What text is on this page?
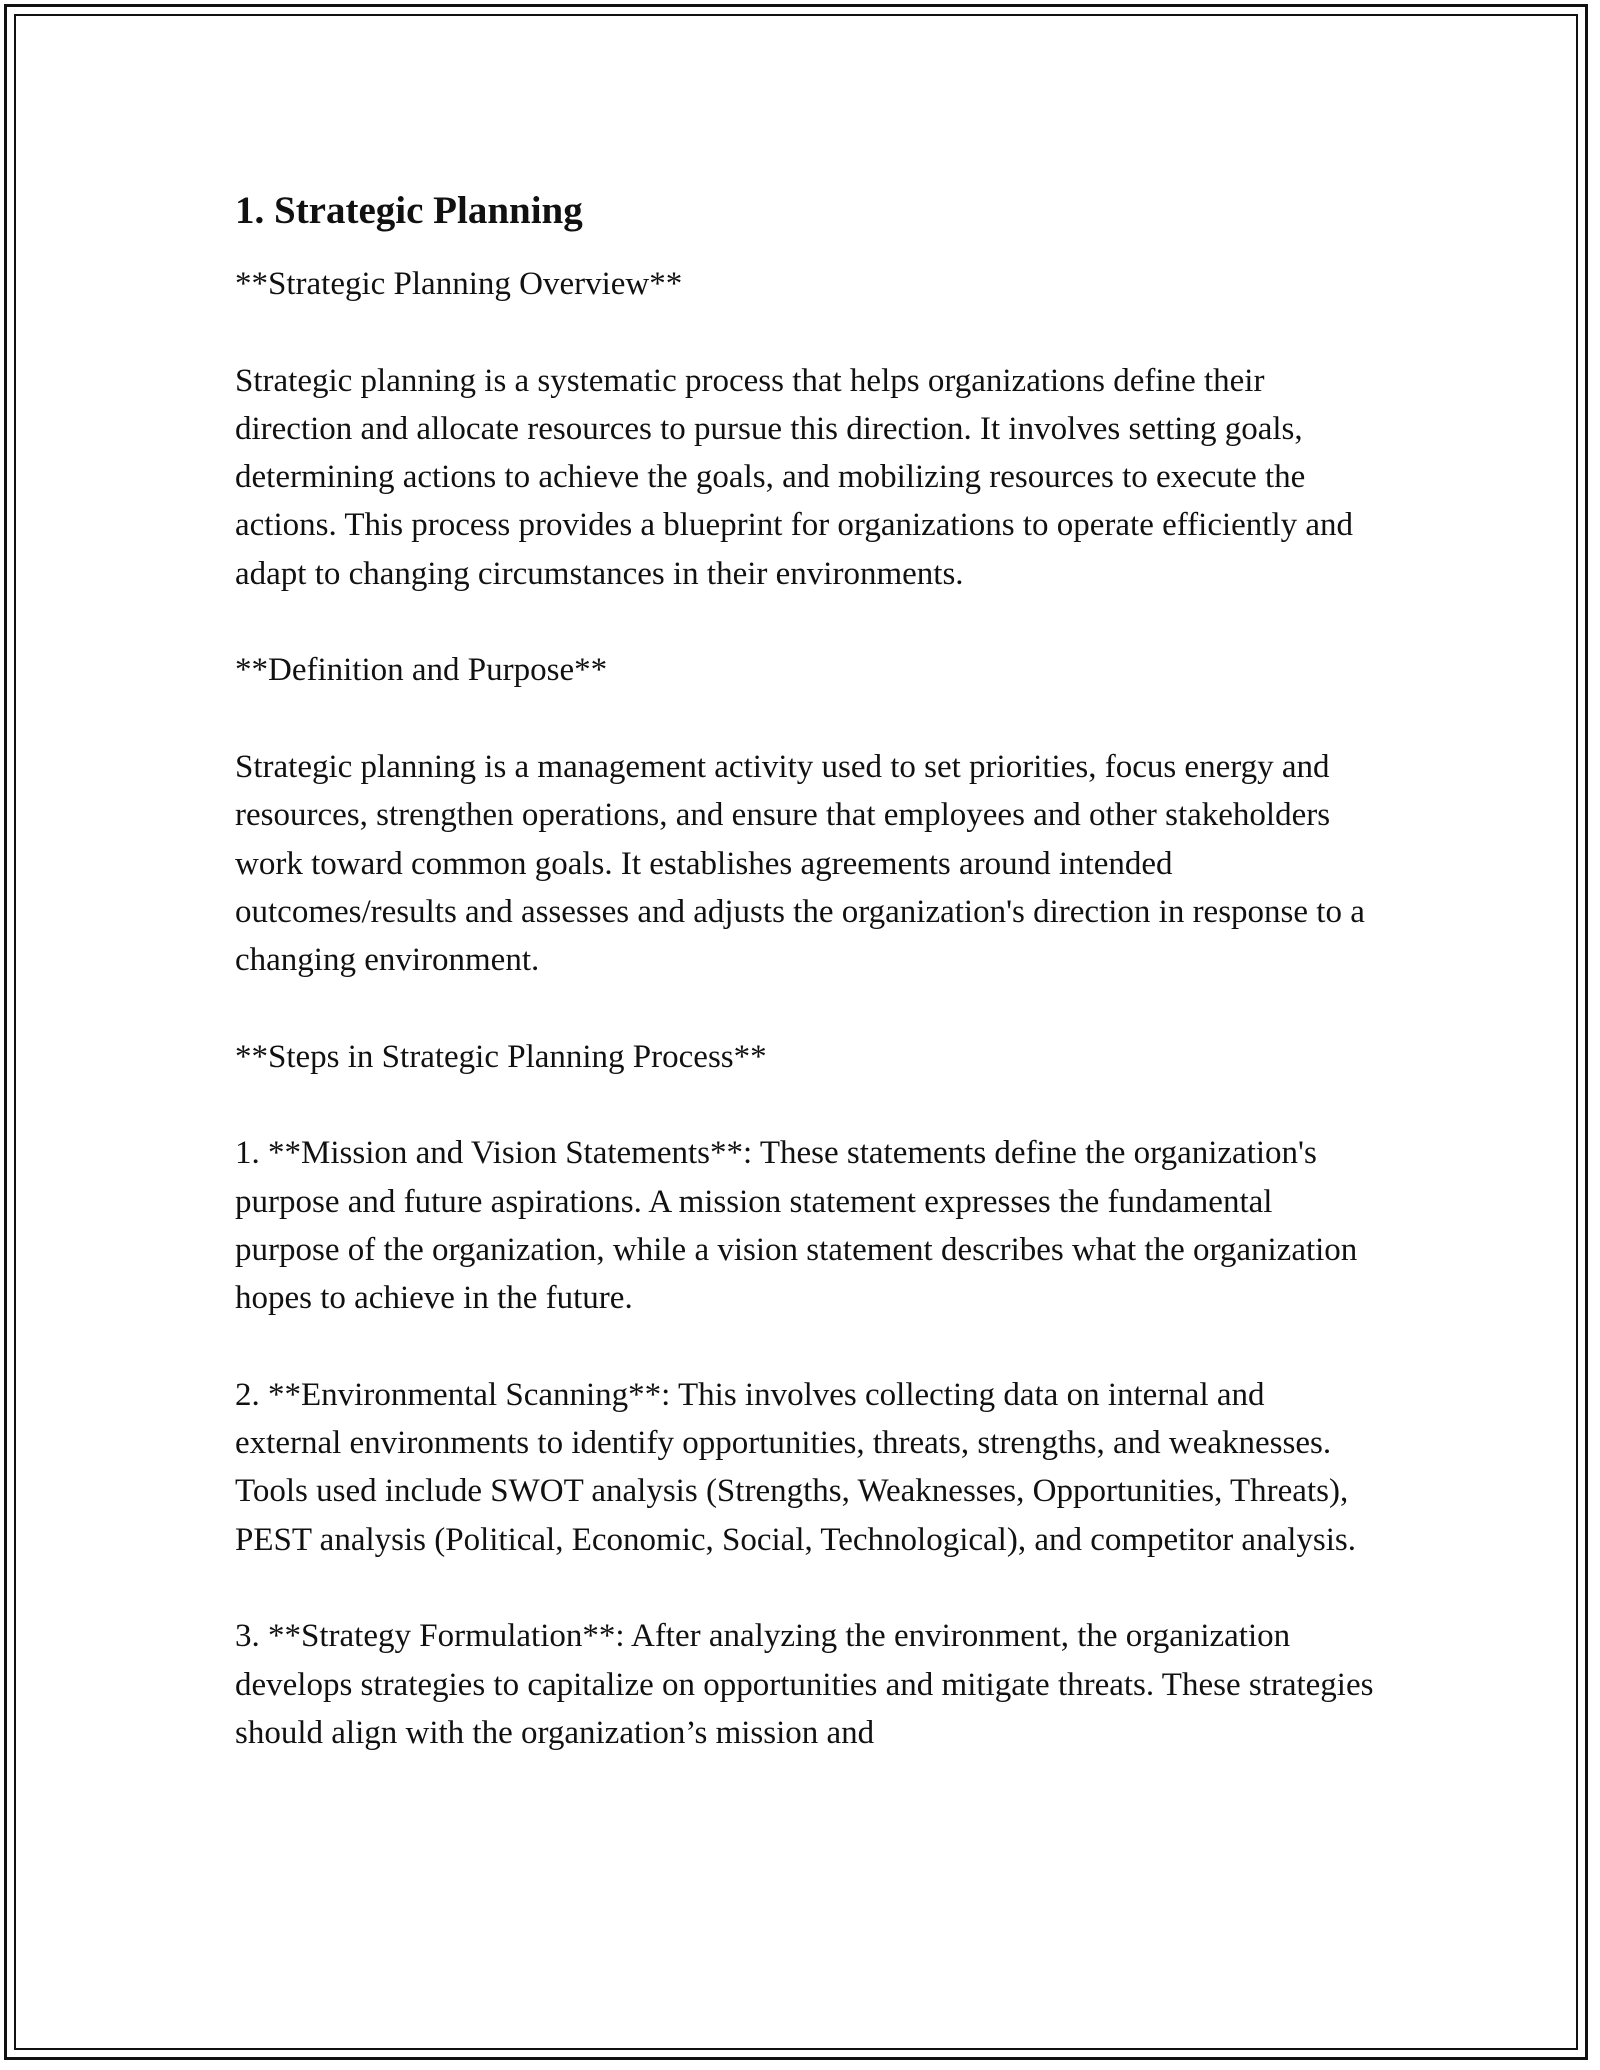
1. Strategic Planning

**Strategic Planning Overview**

Strategic planning is a systematic process that helps organizations define their direction and allocate resources to pursue this direction. It involves setting goals, determining actions to achieve the goals, and mobilizing resources to execute the actions. This process provides a blueprint for organizations to operate efficiently and adapt to changing circumstances in their environments.

**Definition and Purpose**

Strategic planning is a management activity used to set priorities, focus energy and resources, strengthen operations, and ensure that employees and other stakeholders work toward common goals. It establishes agreements around intended outcomes/results and assesses and adjusts the organization's direction in response to a changing environment.

**Steps in Strategic Planning Process**

1. **Mission and Vision Statements**: These statements define the organization's purpose and future aspirations. A mission statement expresses the fundamental purpose of the organization, while a vision statement describes what the organization hopes to achieve in the future.

2. **Environmental Scanning**: This involves collecting data on internal and external environments to identify opportunities, threats, strengths, and weaknesses. Tools used include SWOT analysis (Strengths, Weaknesses, Opportunities, Threats), PEST analysis (Political, Economic, Social, Technological), and competitor analysis.

3. **Strategy Formulation**: After analyzing the environment, the organization develops strategies to capitalize on opportunities and mitigate threats. These strategies should align with the organization’s mission and
